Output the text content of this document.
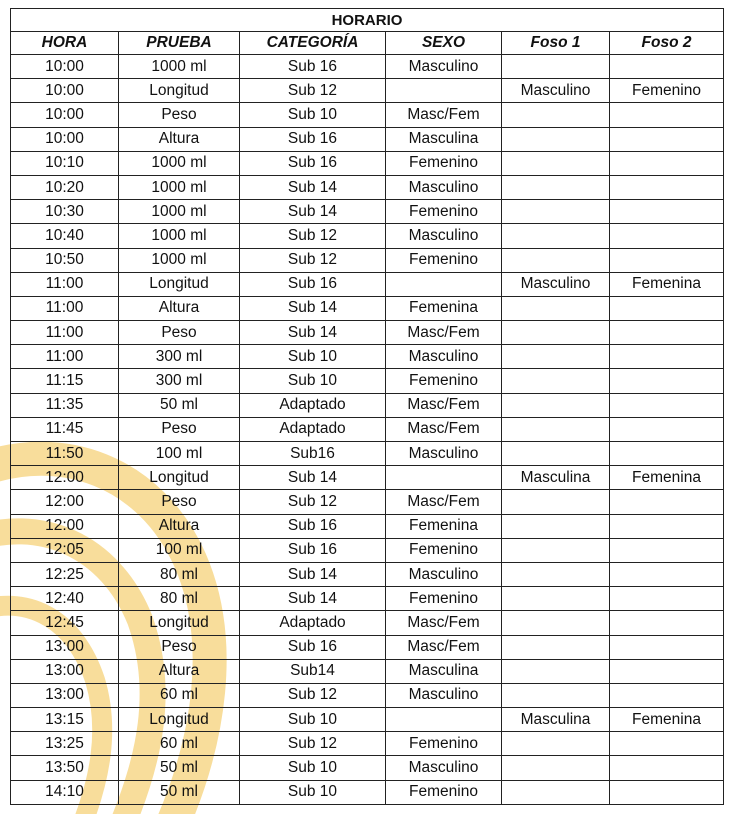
HORARIO					
HORA	PRUEBA	CATEGORÍA	SEXO	Foso 1	Foso 2
10:00	1000 ml	Sub 16	Masculino		
10:00	Longitud	Sub 12		Masculino	Femenino
10:00	Peso	Sub 10	Masc/Fem		
10:00	Altura	Sub 16	Masculina		
10:10	1000 ml	Sub 16	Femenino		
10:20	1000 ml	Sub 14	Masculino		
10:30	1000 ml	Sub 14	Femenino		
10:40	1000 ml	Sub 12	Masculino		
10:50	1000 ml	Sub 12	Femenino		
11:00	Longitud	Sub 16		Masculino	Femenina
11:00	Altura	Sub 14	Femenina		
11:00	Peso	Sub 14	Masc/Fem		
11:00	300 ml	Sub 10	Masculino		
11:15	300 ml	Sub 10	Femenino		
11:35	50 ml	Adaptado	Masc/Fem		
11:45	Peso	Adaptado	Masc/Fem		
11:50	100 ml	Sub16	Masculino		
12:00	Longitud	Sub 14		Masculina	Femenina
12:00	Peso	Sub 12	Masc/Fem		
12:00	Altura	Sub 16	Femenina		
12:05	100 ml	Sub 16	Femenino		
12:25	80 ml	Sub 14	Masculino		
12:40	80 ml	Sub 14	Femenino		
12:45	Longitud	Adaptado	Masc/Fem		
13:00	Peso	Sub 16	Masc/Fem		
13:00	Altura	Sub14	Masculina		
13:00	60 ml	Sub 12	Masculino		
13:15	Longitud	Sub 10		Masculina	Femenina
13:25	60 ml	Sub 12	Femenino		
13:50	50 ml	Sub 10	Masculino		
14:10	50 ml	Sub 10	Femenino		
